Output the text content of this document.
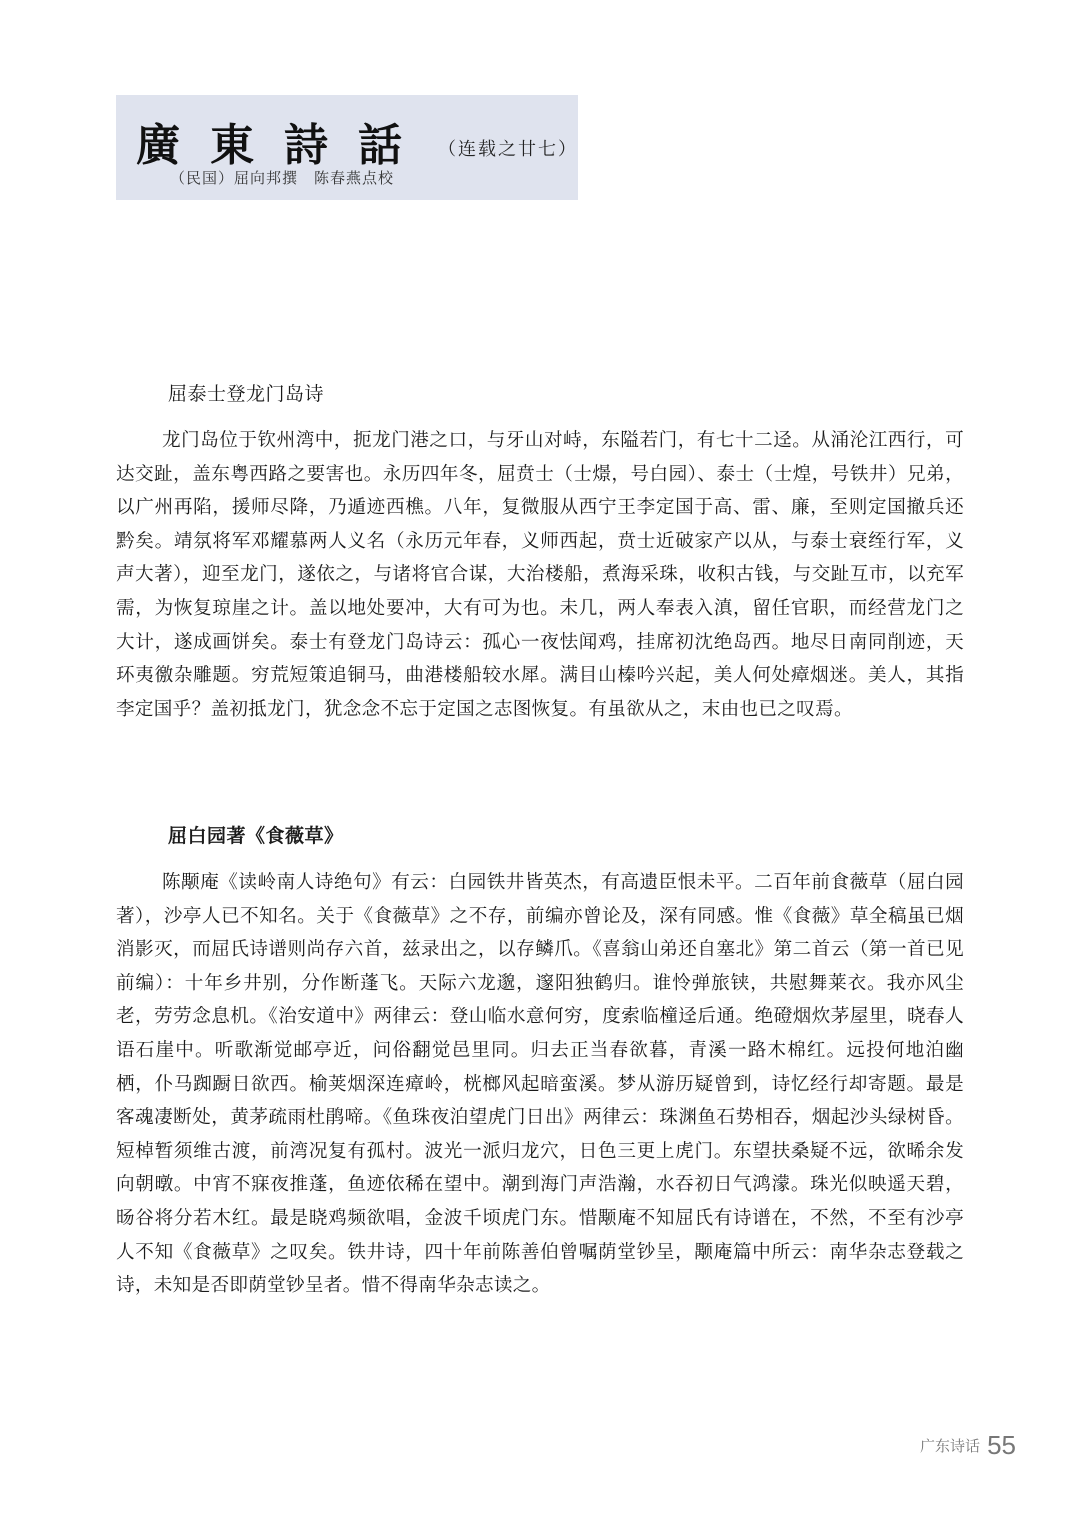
廣東詩話 （连载之廿七）
（民国）屈向邦撰　陈春燕点校
屈泰士登龙门岛诗

龙门岛位于钦州湾中，扼龙门港之口，与牙山对峙，东隘若门，有七十二迳。从涌沦江西行，可达交趾，盖东粤西路之要害也。永历四年冬，屈贲士（士燝，号白园）、泰士（士煌，号铁井）兄弟，以广州再陷，援师尽降，乃遁迹西樵。八年，复微服从西宁王李定国于高、雷、廉，至则定国撤兵还黔矣。靖氛将军邓耀慕两人义名（永历元年春，义师西起，贲士近破家产以从，与泰士衰绖行军，义声大著），迎至龙门，遂依之，与诸将官合谋，大治楼船，煮海采珠，收积古钱，与交趾互市，以充军需，为恢复琼崖之计。盖以地处要冲，大有可为也。未几，两人奉表入滇，留任官职，而经营龙门之大计，遂成画饼矣。泰士有登龙门岛诗云：孤心一夜怯闻鸡，挂席初沈绝岛西。地尽日南同削迹，天环夷徼杂雕题。穷荒短策追铜马，曲港楼船较水犀。满目山榛吟兴起，美人何处瘴烟迷。美人，其指李定国乎？盖初抵龙门，犹念念不忘于定国之志图恢复。有虽欲从之，末由也已之叹焉。

屈白园著《食薇草》

陈颙庵《读岭南人诗绝句》有云：白园铁井皆英杰，有高遗臣恨未平。二百年前食薇草（屈白园著），沙亭人已不知名。关于《食薇草》之不存，前编亦曾论及，深有同感。惟《食薇》草全稿虽已烟消影灭，而屈氏诗谱则尚存六首，兹录出之，以存鳞爪。《喜翁山弟还自塞北》第二首云（第一首已见前编）：十年乡井别，分作断蓬飞。天际六龙邈，邃阳独鹤归。谁怜弹旅铗，共慰舞莱衣。我亦风尘老，劳劳念息机。《治安道中》两律云：登山临水意何穷，度索临橦迳后通。绝磴烟炊茅屋里，晓春人语石崖中。听歌渐觉邮亭近，问俗翻觉邑里同。归去正当春欲暮，青溪一路木棉红。远投何地泊幽栖，仆马踟蹰日欲西。榆荚烟深连瘴岭，桄榔风起暗蛮溪。梦从游历疑曾到，诗忆经行却寄题。最是客魂凄断处，黄茅疏雨杜鹃啼。《鱼珠夜泊望虎门日出》两律云：珠渊鱼石势相吞，烟起沙头绿树昏。短棹暂须维古渡，前湾况复有孤村。波光一派归龙穴，日色三更上虎门。东望扶桑疑不远，欲晞余发向朝暾。中宵不寐夜推蓬，鱼迹依稀在望中。潮到海门声浩瀚，水吞初日气鸿濛。珠光似映遥天碧，旸谷将分若木红。最是晓鸡频欲唱，金波千顷虎门东。惜颙庵不知屈氏有诗谱在，不然，不至有沙亭人不知《食薇草》之叹矣。铁井诗，四十年前陈善伯曾嘱荫堂钞呈，颙庵篇中所云：南华杂志登载之诗，未知是否即荫堂钞呈者。惜不得南华杂志读之。

广东诗话 55
